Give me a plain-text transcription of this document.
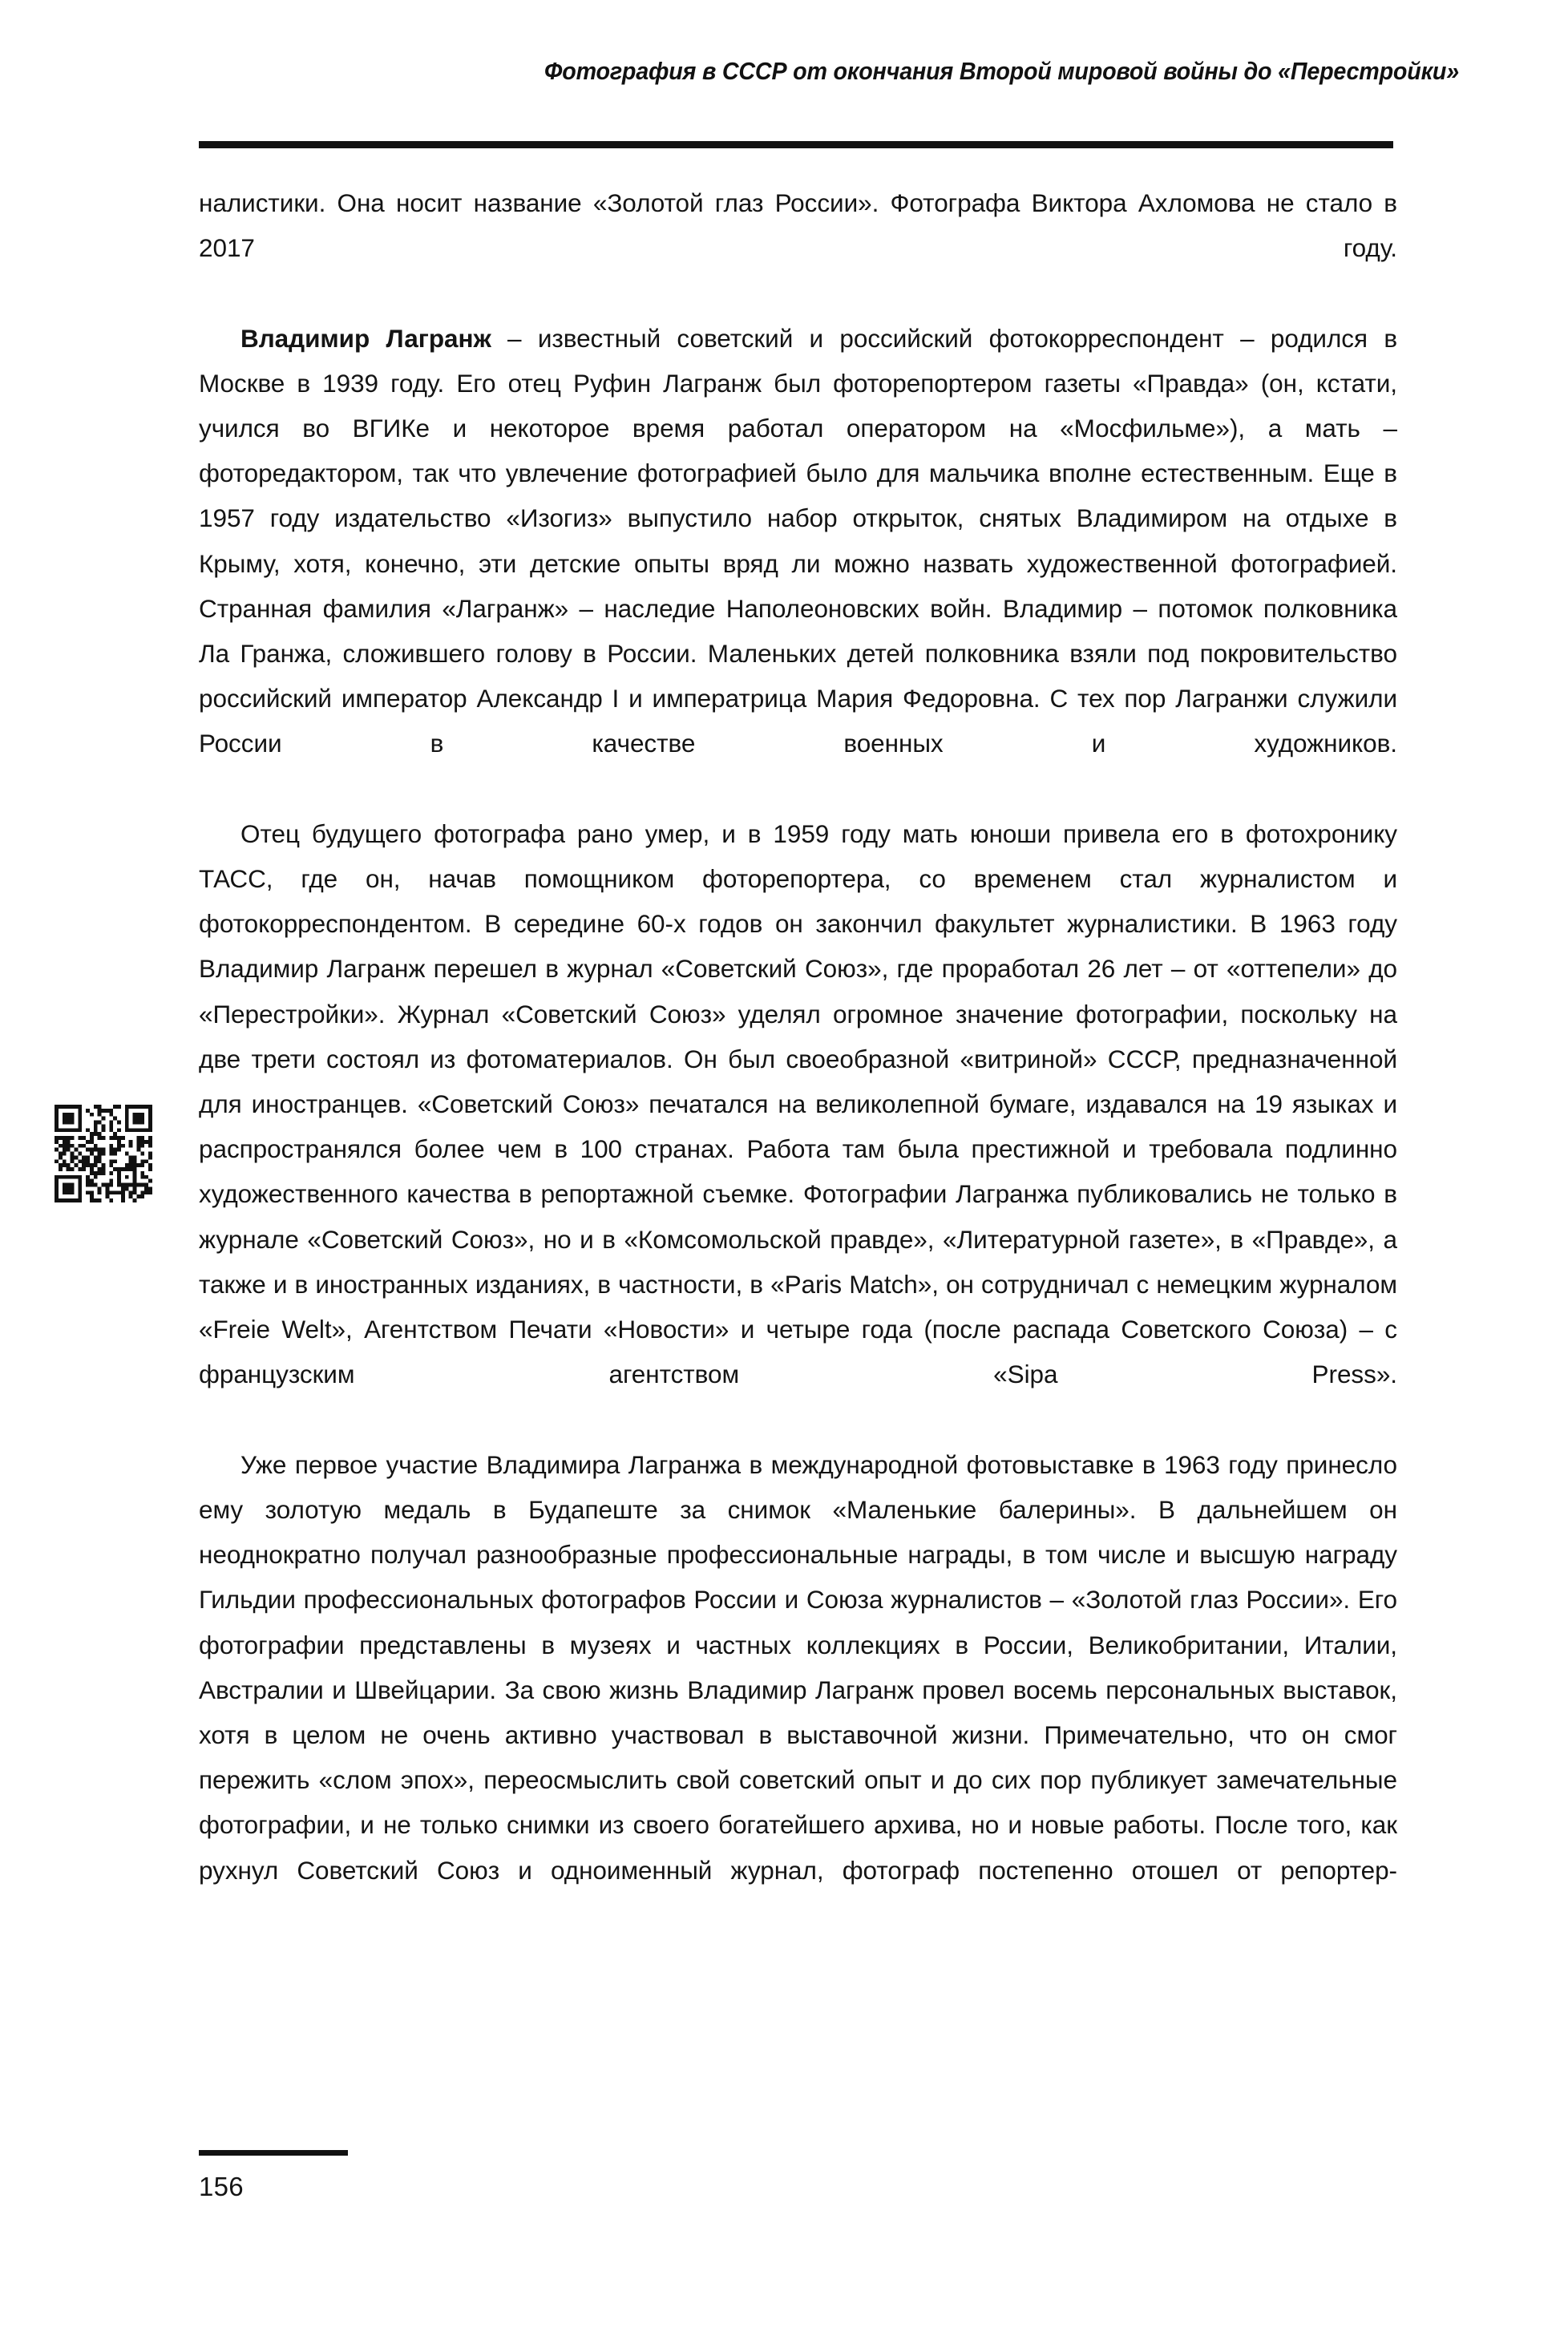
Фотография в СССР от окончания Второй мировой войны до «Перестройки»

налистики. Она носит название «Золотой глаз России». Фотографа Виктора Ахломова не стало в 2017 году.

Владимир Лагранж – известный советский и российский фотокорреспондент – родился в Москве в 1939 году. Его отец Руфин Лагранж был фоторепортером газеты «Правда» (он, кстати, учился во ВГИКе и некоторое время работал оператором на «Мосфильме»), а мать – фоторедактором, так что увлечение фотографией было для мальчика вполне естественным. Еще в 1957 году издательство «Изогиз» выпустило набор открыток, снятых Владимиром на отдыхе в Крыму, хотя, конечно, эти детские опыты вряд ли можно назвать художественной фотографией. Странная фамилия «Лагранж» – наследие Наполеоновских войн. Владимир – потомок полковника Ла Гранжа, сложившего голову в России. Маленьких детей полковника взяли под покровительство российский император Александр I и императрица Мария Федоровна. С тех пор Лагранжи служили России в качестве военных и художников.

Отец будущего фотографа рано умер, и в 1959 году мать юноши привела его в фотохронику ТАСС, где он, начав помощником фоторепортера, со временем стал журналистом и фотокорреспондентом. В середине 60-х годов он закончил факультет журналистики. В 1963 году Владимир Лагранж перешел в журнал «Советский Союз», где проработал 26 лет – от «оттепели» до «Перестройки». Журнал «Советский Союз» уделял огромное значение фотографии, поскольку на две трети состоял из фотоматериалов. Он был своеобразной «витриной» СССР, предназначенной для иностранцев. «Советский Союз» печатался на великолепной бумаге, издавался на 19 языках и распространялся более чем в 100 странах. Работа там была престижной и требовала подлинно художественного качества в репортажной съемке. Фотографии Лагранжа публиковались не только в журнале «Советский Союз», но и в «Комсомольской правде», «Литературной газете», в «Правде», а также и в иностранных изданиях, в частности, в «Paris Match», он сотрудничал с немецким журналом «Freie Welt», Агентством Печати «Новости» и четыре года (после распада Советского Союза) – с французским агентством «Sipa Press».

Уже первое участие Владимира Лагранжа в международной фотовыставке в 1963 году принесло ему золотую медаль в Будапеште за снимок «Маленькие балерины». В дальнейшем он неоднократно получал разнообразные профессиональные награды, в том числе и высшую награду Гильдии профессиональных фотографов России и Союза журналистов – «Золотой глаз России». Его фотографии представлены в музеях и частных коллекциях в России, Великобритании, Италии, Австралии и Швейцарии. За свою жизнь Владимир Лагранж провел восемь персональных выставок, хотя в целом не очень активно участвовал в выставочной жизни. Примечательно, что он смог пережить «слом эпох», переосмыслить свой советский опыт и до сих пор публикует замечательные фотографии, и не только снимки из своего богатейшего архива, но и новые работы. После того, как рухнул Советский Союз и одноименный журнал, фотограф постепенно отошел от репортер-

156
